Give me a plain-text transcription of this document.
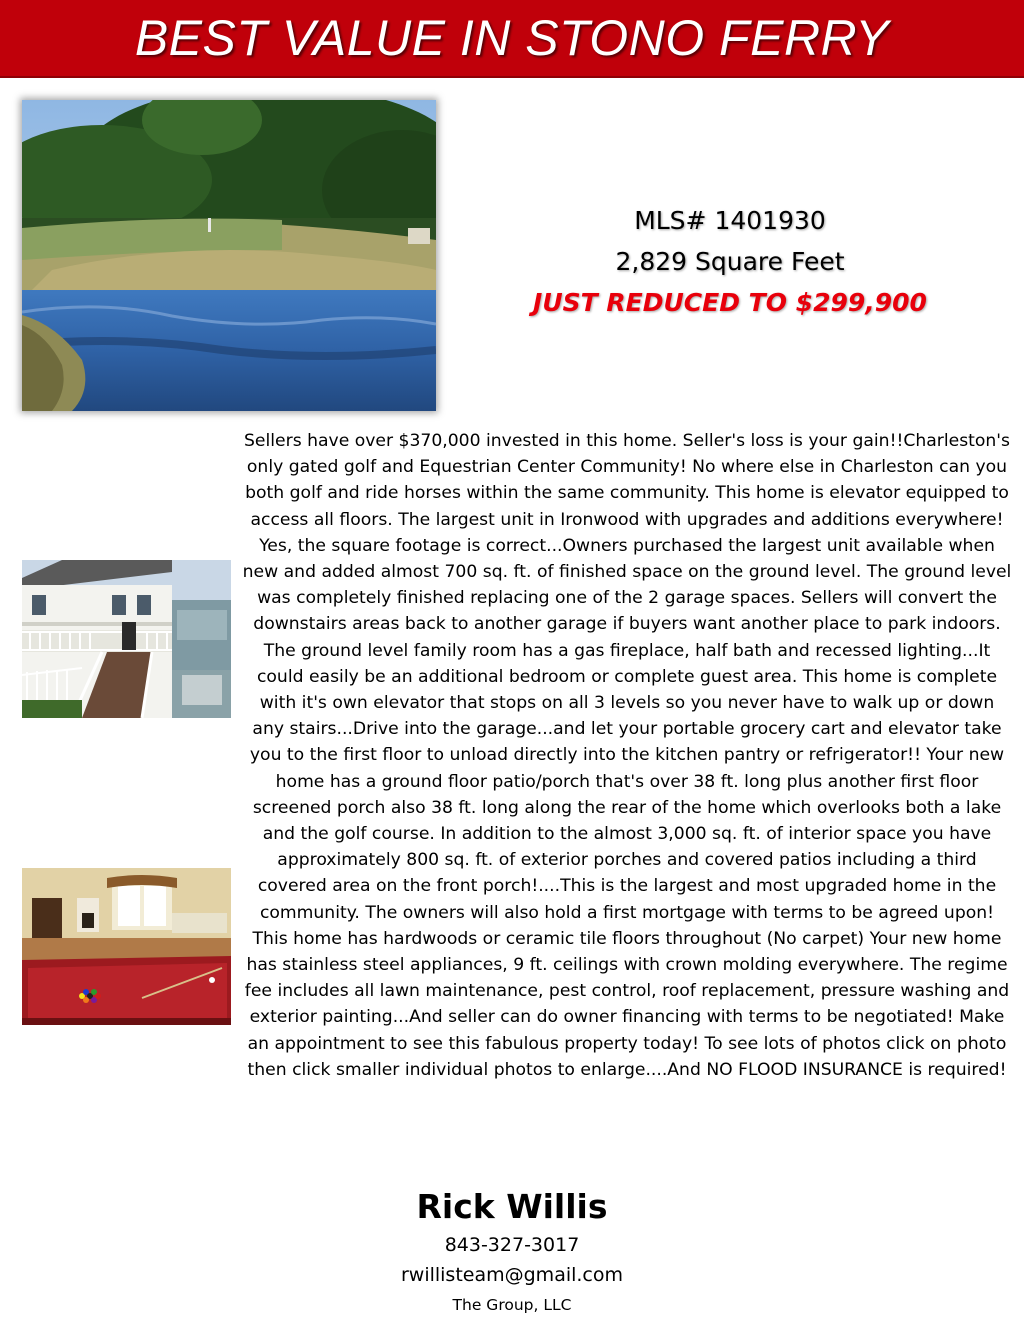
BEST VALUE IN STONO FERRY
MLS# 1401930
2,829 Square Feet
JUST REDUCED TO $299,900
Sellers have over $370,000 invested in this home. Seller's loss is your gain!!Charleston's only gated golf and Equestrian Center Community! No where else in Charleston can you both golf and ride horses within the same community. This home is elevator equipped to access all floors. The largest unit in Ironwood with upgrades and additions everywhere! Yes, the square footage is correct...Owners purchased the largest unit available when new and added almost 700 sq. ft. of finished space on the ground level. The ground level was completely finished replacing one of the 2 garage spaces. Sellers will convert the downstairs areas back to another garage if buyers want another place to park indoors. The ground level family room has a gas fireplace, half bath and recessed lighting...It could easily be an additional bedroom or complete guest area. This home is complete with it's own elevator that stops on all 3 levels so you never have to walk up or down any stairs...Drive into the garage...and let your portable grocery cart and elevator take you to the first floor to unload directly into the kitchen pantry or refrigerator!! Your new home has a ground floor patio/porch that's over 38 ft. long plus another first floor screened porch also 38 ft. long along the rear of the home which overlooks both a lake and the golf course. In addition to the almost 3,000 sq. ft. of interior space you have approximately 800 sq. ft. of exterior porches and covered patios including a third covered area on the front porch!....This is the largest and most upgraded home in the community. The owners will also hold a first mortgage with terms to be agreed upon! This home has hardwoods or ceramic tile floors throughout (No carpet) Your new home has stainless steel appliances, 9 ft. ceilings with crown molding everywhere. The regime fee includes all lawn maintenance, pest control, roof replacement, pressure washing and exterior painting...And seller can do owner financing with terms to be negotiated! Make an appointment to see this fabulous property today! To see lots of photos click on photo then click smaller individual photos to enlarge....And NO FLOOD INSURANCE is required!
Rick Willis
843-327-3017
rwillisteam@gmail.com
The Group, LLC
